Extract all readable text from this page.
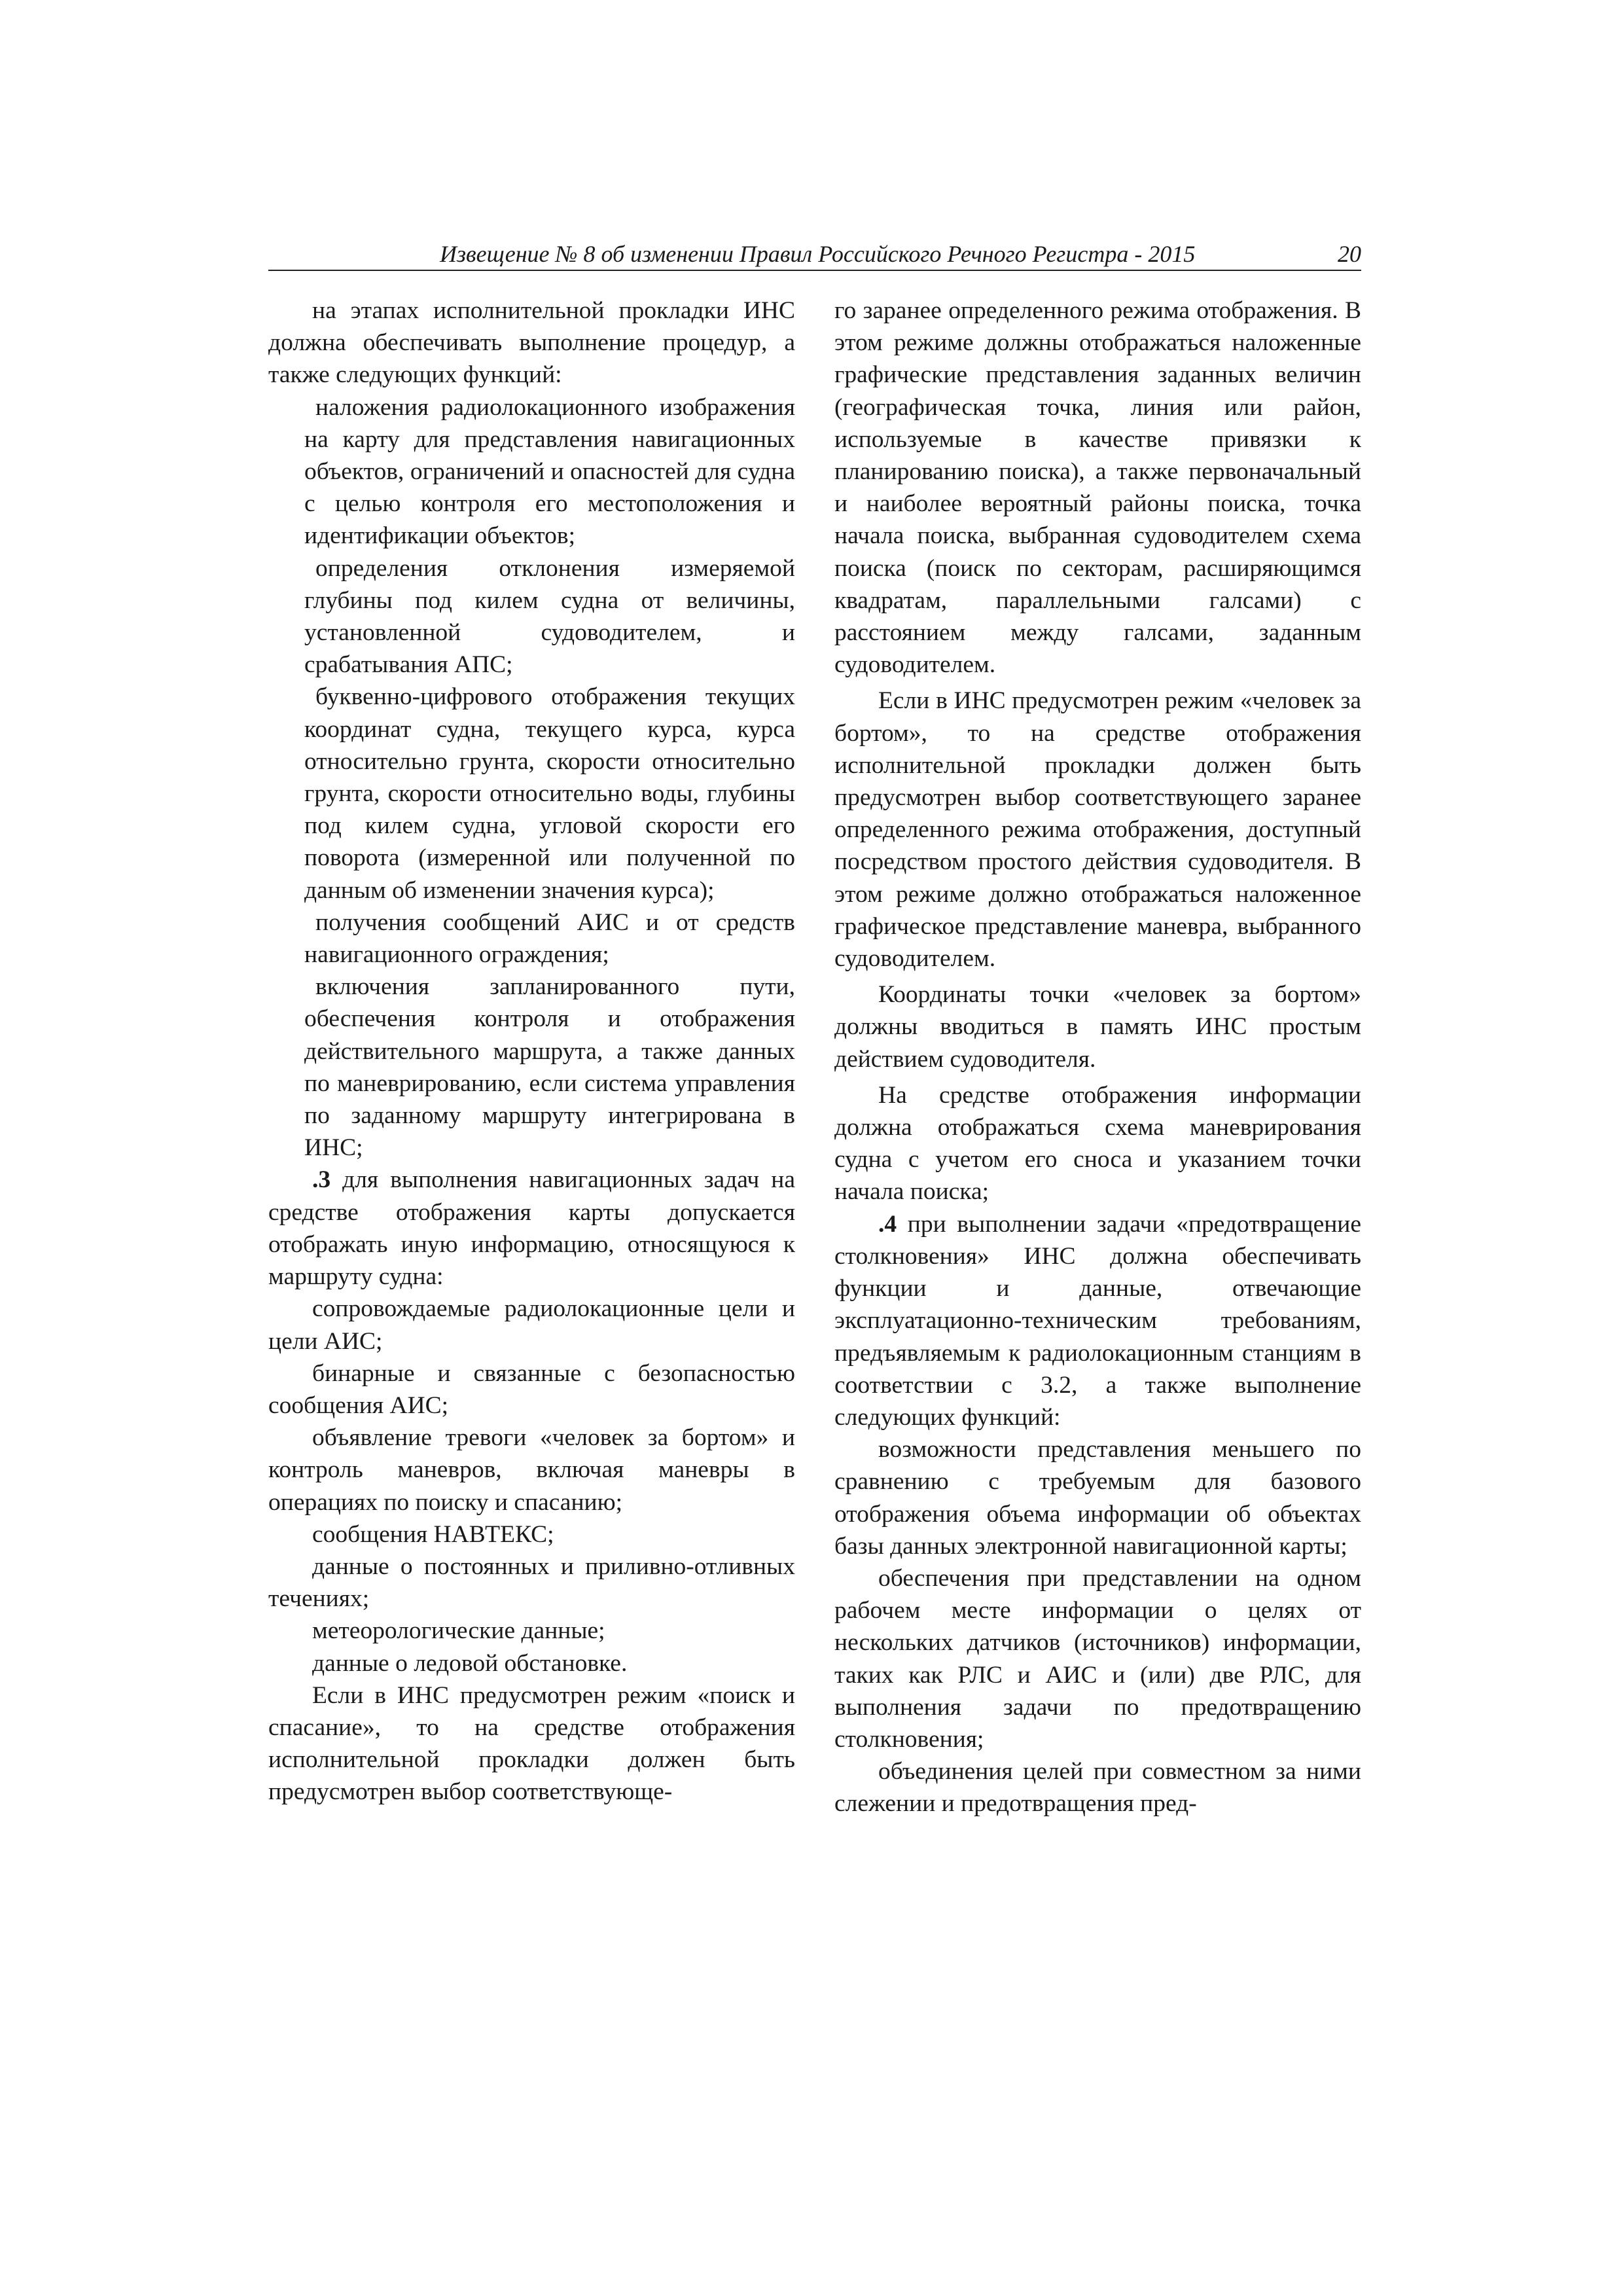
Извещение № 8 об изменении Правил Российского Речного Регистра - 2015	20

на этапах исполнительной прокладки ИНС должна обеспечивать выполнение процедур, а также следующих функций:

наложения радиолокационного изображения на карту для представления навигационных объектов, ограничений и опасностей для судна с целью контроля его местоположения и идентификации объектов;

определения отклонения измеряемой глубины под килем судна от величины, установленной судоводителем, и срабатывания АПС;

буквенно-цифрового отображения текущих координат судна, текущего курса, курса относительно грунта, скорости относительно грунта, скорости относительно воды, глубины под килем судна, угловой скорости его поворота (измеренной или полученной по данным об изменении значения курса);

получения сообщений АИС и от средств навигационного ограждения;

включения запланированного пути, обеспечения контроля и отображения действительного маршрута, а также данных по маневрированию, если система управления по заданному маршруту интегрирована в ИНС;

.3 для выполнения навигационных задач на средстве отображения карты допускается отображать иную информацию, относящуюся к маршруту судна:

сопровождаемые радиолокационные цели и цели АИС;

бинарные и связанные с безопасностью сообщения АИС;

объявление тревоги «человек за бортом» и контроль маневров, включая маневры в операциях по поиску и спасанию;

сообщения НАВТЕКС;

данные о постоянных и приливно-отливных течениях;

метеорологические данные;

данные о ледовой обстановке.

Если в ИНС предусмотрен режим «поиск и спасание», то на средстве отображения исполнительной прокладки должен быть предусмотрен выбор соответствующе-

го заранее определенного режима отображения. В этом режиме должны отображаться наложенные графические представления заданных величин (географическая точка, линия или район, используемые в качестве привязки к планированию поиска), а также первоначальный и наиболее вероятный районы поиска, точка начала поиска, выбранная судоводителем схема поиска (поиск по секторам, расширяющимся квадратам, параллельными галсами) с расстоянием между галсами, заданным судоводителем.

Если в ИНС предусмотрен режим «человек за бортом», то на средстве отображения исполнительной прокладки должен быть предусмотрен выбор соответствующего заранее определенного режима отображения, доступный посредством простого действия судоводителя. В этом режиме должно отображаться наложенное графическое представление маневра, выбранного судоводителем.

Координаты точки «человек за бортом» должны вводиться в память ИНС простым действием судоводителя.

На средстве отображения информации должна отображаться схема маневрирования судна с учетом его сноса и указанием точки начала поиска;

.4 при выполнении задачи «предотвращение столкновения» ИНС должна обеспечивать функции и данные, отвечающие эксплуатационно-техническим требованиям, предъявляемым к радиолокационным станциям в соответствии с 3.2, а также выполнение следующих функций:

возможности представления меньшего по сравнению с требуемым для базового отображения объема информации об объектах базы данных электронной навигационной карты;

обеспечения при представлении на одном рабочем месте информации о целях от нескольких датчиков (источников) информации, таких как РЛС и АИС и (или) две РЛС, для выполнения задачи по предотвращению столкновения;

объединения целей при совместном за ними слежении и предотвращения пред-
